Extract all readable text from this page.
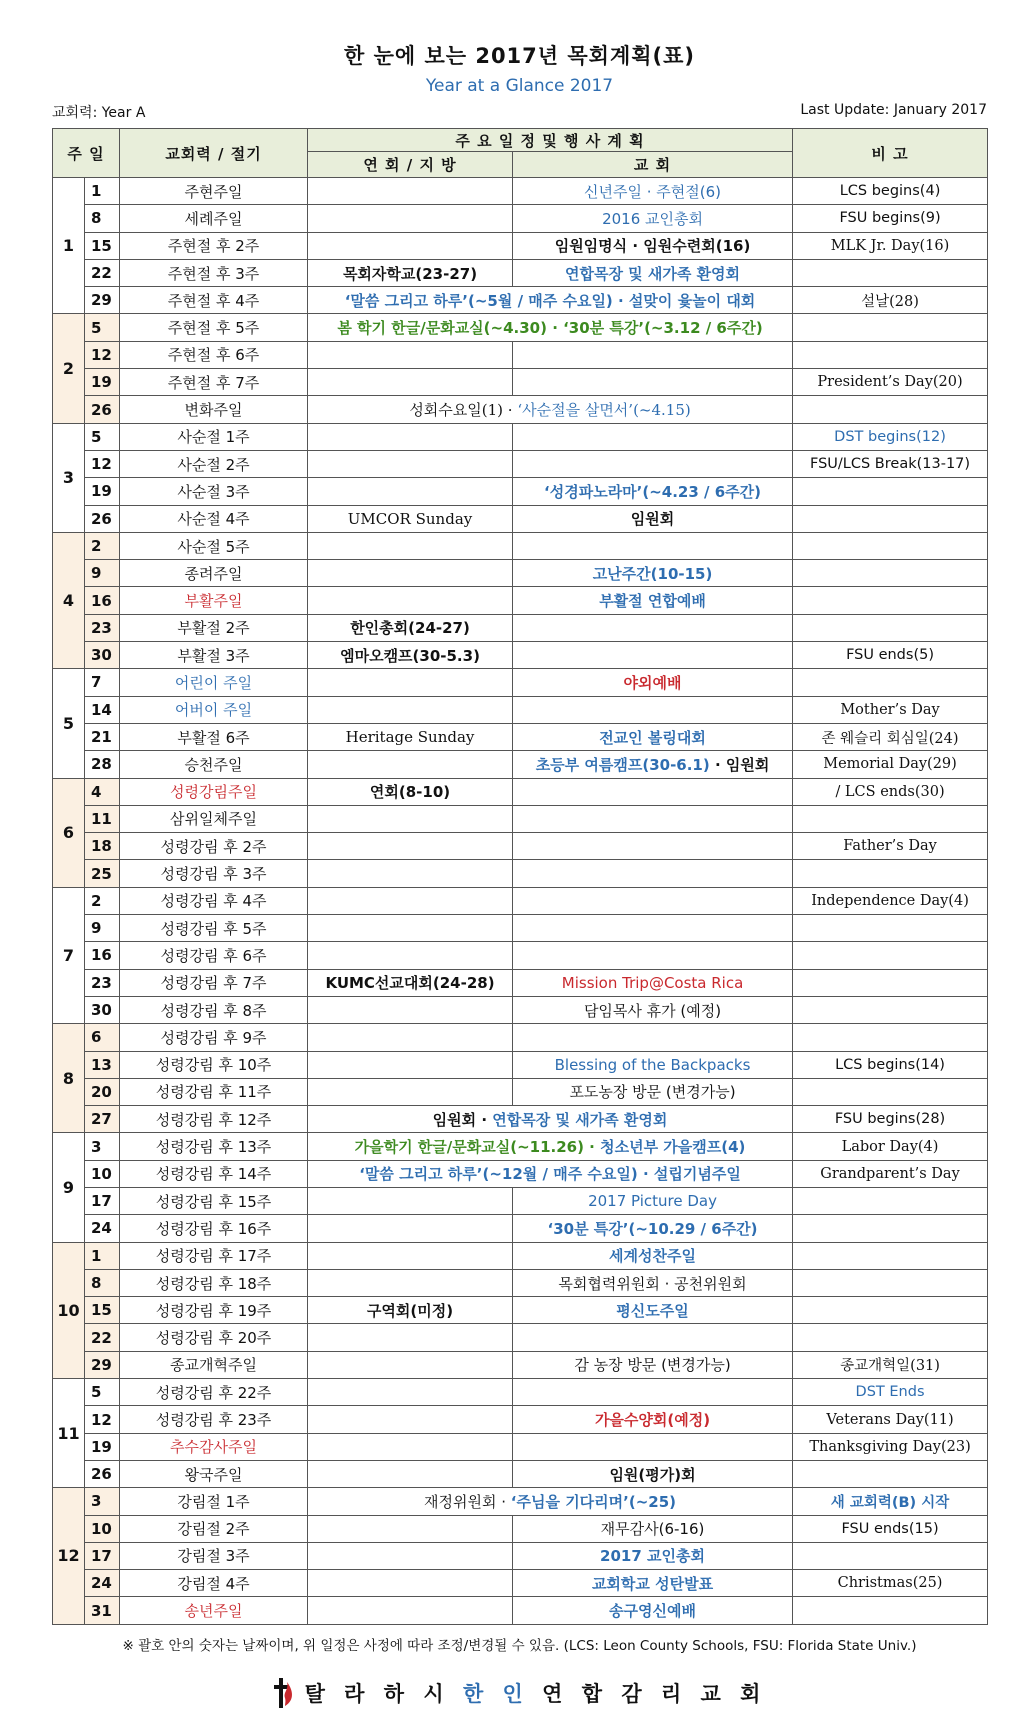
한 눈에 보는 2017년 목회계획(표)
Year at a Glance 2017
교회력: Year A	Last Update: January 2017
주 일		교회력 / 절기	주 요 일 정 및 행 사 계 획		비 고
			연 회 / 지 방	교 회	
1	1	주현주일		신년주일 · 주현절(6)	LCS begins(4)
	8	세례주일		2016 교인총회	FSU begins(9)
	15	주현절 후 2주		임원임명식 · 임원수련회(16)	MLK Jr. Day(16)
	22	주현절 후 3주	목회자학교(23-27)	연합목장 및 새가족 환영회	
	29	주현절 후 4주	‘말씀 그리고 하루’(~5월 / 매주 수요일) · 설맞이 윷놀이 대회		설날(28)
2	5	주현절 후 5주	봄 학기 한글/문화교실(~4.30) · ‘30분 특강’(~3.12 / 6주간)		
	12	주현절 후 6주			
	19	주현절 후 7주			President’s Day(20)
	26	변화주일	성회수요일(1) · ‘사순절을 살면서’(~4.15)		
3	5	사순절 1주			DST begins(12)
	12	사순절 2주			FSU/LCS Break(13-17)
	19	사순절 3주		‘성경파노라마’(~4.23 / 6주간)	
	26	사순절 4주	UMCOR Sunday	임원회	
4	2	사순절 5주			
	9	종려주일		고난주간(10-15)	
	16	부활주일		부활절 연합예배	
	23	부활절 2주	한인총회(24-27)		
	30	부활절 3주	엠마오캠프(30-5.3)		FSU ends(5)
5	7	어린이 주일		야외예배	
	14	어버이 주일			Mother’s Day
	21	부활절 6주	Heritage Sunday	전교인 볼링대회	존 웨슬리 회심일(24)
	28	승천주일		초등부 여름캠프(30-6.1) · 임원회	Memorial Day(29)
6	4	성령강림주일	연회(8-10)		/ LCS ends(30)
	11	삼위일체주일			
	18	성령강림 후 2주			Father’s Day
	25	성령강림 후 3주			
7	2	성령강림 후 4주			Independence Day(4)
	9	성령강림 후 5주			
	16	성령강림 후 6주			
	23	성령강림 후 7주	KUMC선교대회(24-28)	Mission Trip@Costa Rica	
	30	성령강림 후 8주		담임목사 휴가 (예정)	
8	6	성령강림 후 9주			
	13	성령강림 후 10주		Blessing of the Backpacks	LCS begins(14)
	20	성령강림 후 11주		포도농장 방문 (변경가능)	
	27	성령강림 후 12주	임원회 · 연합목장 및 새가족 환영회		FSU begins(28)
9	3	성령강림 후 13주	가을학기 한글/문화교실(~11.26) · 청소년부 가을캠프(4)		Labor Day(4)
	10	성령강림 후 14주	‘말씀 그리고 하루’(~12월 / 매주 수요일) · 설립기념주일		Grandparent’s Day
	17	성령강림 후 15주		2017 Picture Day	
	24	성령강림 후 16주		‘30분 특강’(~10.29 / 6주간)	
10	1	성령강림 후 17주		세계성찬주일	
	8	성령강림 후 18주		목회협력위원회 · 공천위원회	
	15	성령강림 후 19주	구역회(미정)	평신도주일	
	22	성령강림 후 20주			
	29	종교개혁주일		감 농장 방문 (변경가능)	종교개혁일(31)
11	5	성령강림 후 22주			DST Ends
	12	성령강림 후 23주		가을수양회(예정)	Veterans Day(11)
	19	추수감사주일			Thanksgiving Day(23)
	26	왕국주일		임원(평가)회	
12	3	강림절 1주	재정위원회 · ‘주님을 기다리며’(~25)		새 교회력(B) 시작
	10	강림절 2주		재무감사(6-16)	FSU ends(15)
	17	강림절 3주		2017 교인총회	
	24	강림절 4주		교회학교 성탄발표	Christmas(25)
	31	송년주일		송구영신예배	
※ 괄호 안의 숫자는 날짜이며, 위 일정은 사정에 따라 조정/변경될 수 있음. (LCS: Leon County Schools, FSU: Florida State Univ.)
탈 라 하 시 한 인 연 합 감 리 교 회
